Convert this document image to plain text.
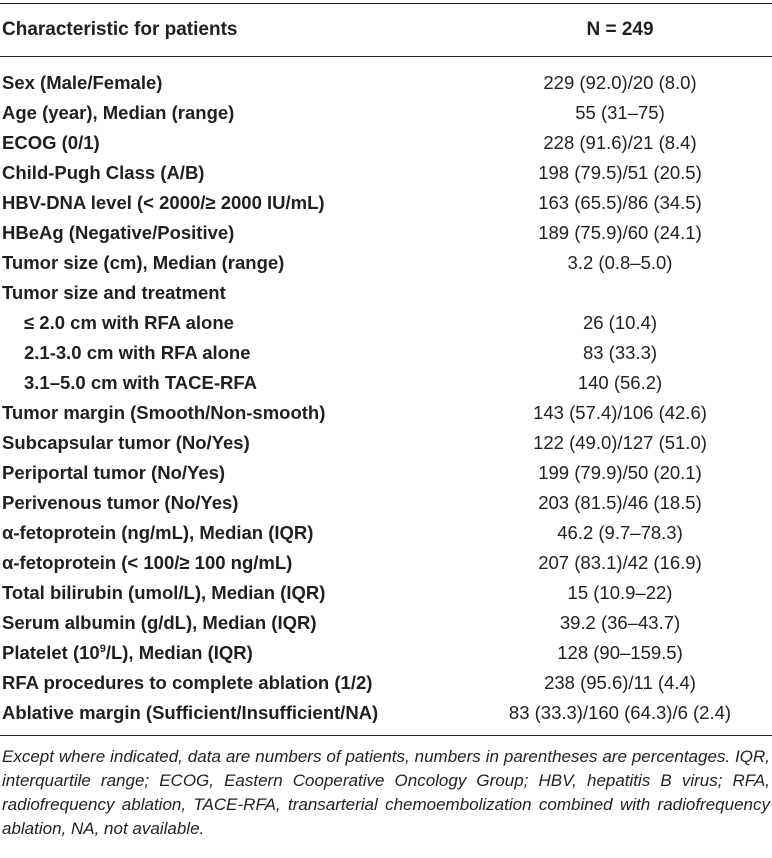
Characteristic for patients	N = 249
Sex (Male/Female)	229 (92.0)/20 (8.0)
Age (year), Median (range)	55 (31–75)
ECOG (0/1)	228 (91.6)/21 (8.4)
Child-Pugh Class (A/B)	198 (79.5)/51 (20.5)
HBV-DNA level (< 2000/≥ 2000 IU/mL)	163 (65.5)/86 (34.5)
HBeAg (Negative/Positive)	189 (75.9)/60 (24.1)
Tumor size (cm), Median (range)	3.2 (0.8–5.0)
Tumor size and treatment
≤ 2.0 cm with RFA alone	26 (10.4)
2.1-3.0 cm with RFA alone	83 (33.3)
3.1–5.0 cm with TACE-RFA	140 (56.2)
Tumor margin (Smooth/Non-smooth)	143 (57.4)/106 (42.6)
Subcapsular tumor (No/Yes)	122 (49.0)/127 (51.0)
Periportal tumor (No/Yes)	199 (79.9)/50 (20.1)
Perivenous tumor (No/Yes)	203 (81.5)/46 (18.5)
α-fetoprotein (ng/mL), Median (IQR)	46.2 (9.7–78.3)
α-fetoprotein (< 100/≥ 100 ng/mL)	207 (83.1)/42 (16.9)
Total bilirubin (umol/L), Median (IQR)	15 (10.9–22)
Serum albumin (g/dL), Median (IQR)	39.2 (36–43.7)
Platelet $(10^9/L)$, Median (IQR)	128 (90–159.5)
RFA procedures to complete ablation (1/2)	238 (95.6)/11 (4.4)
Ablative margin (Sufficient/Insufficient/NA)	83 (33.3)/160 (64.3)/6 (2.4)
Except where indicated, data are numbers of patients, numbers in parentheses are percentages. IQR, interquartile range; ECOG, Eastern Cooperative Oncology Group; HBV, hepatitis B virus; RFA, radiofrequency ablation, TACE-RFA, transarterial chemoembolization combined with radiofrequency ablation, NA, not available.
